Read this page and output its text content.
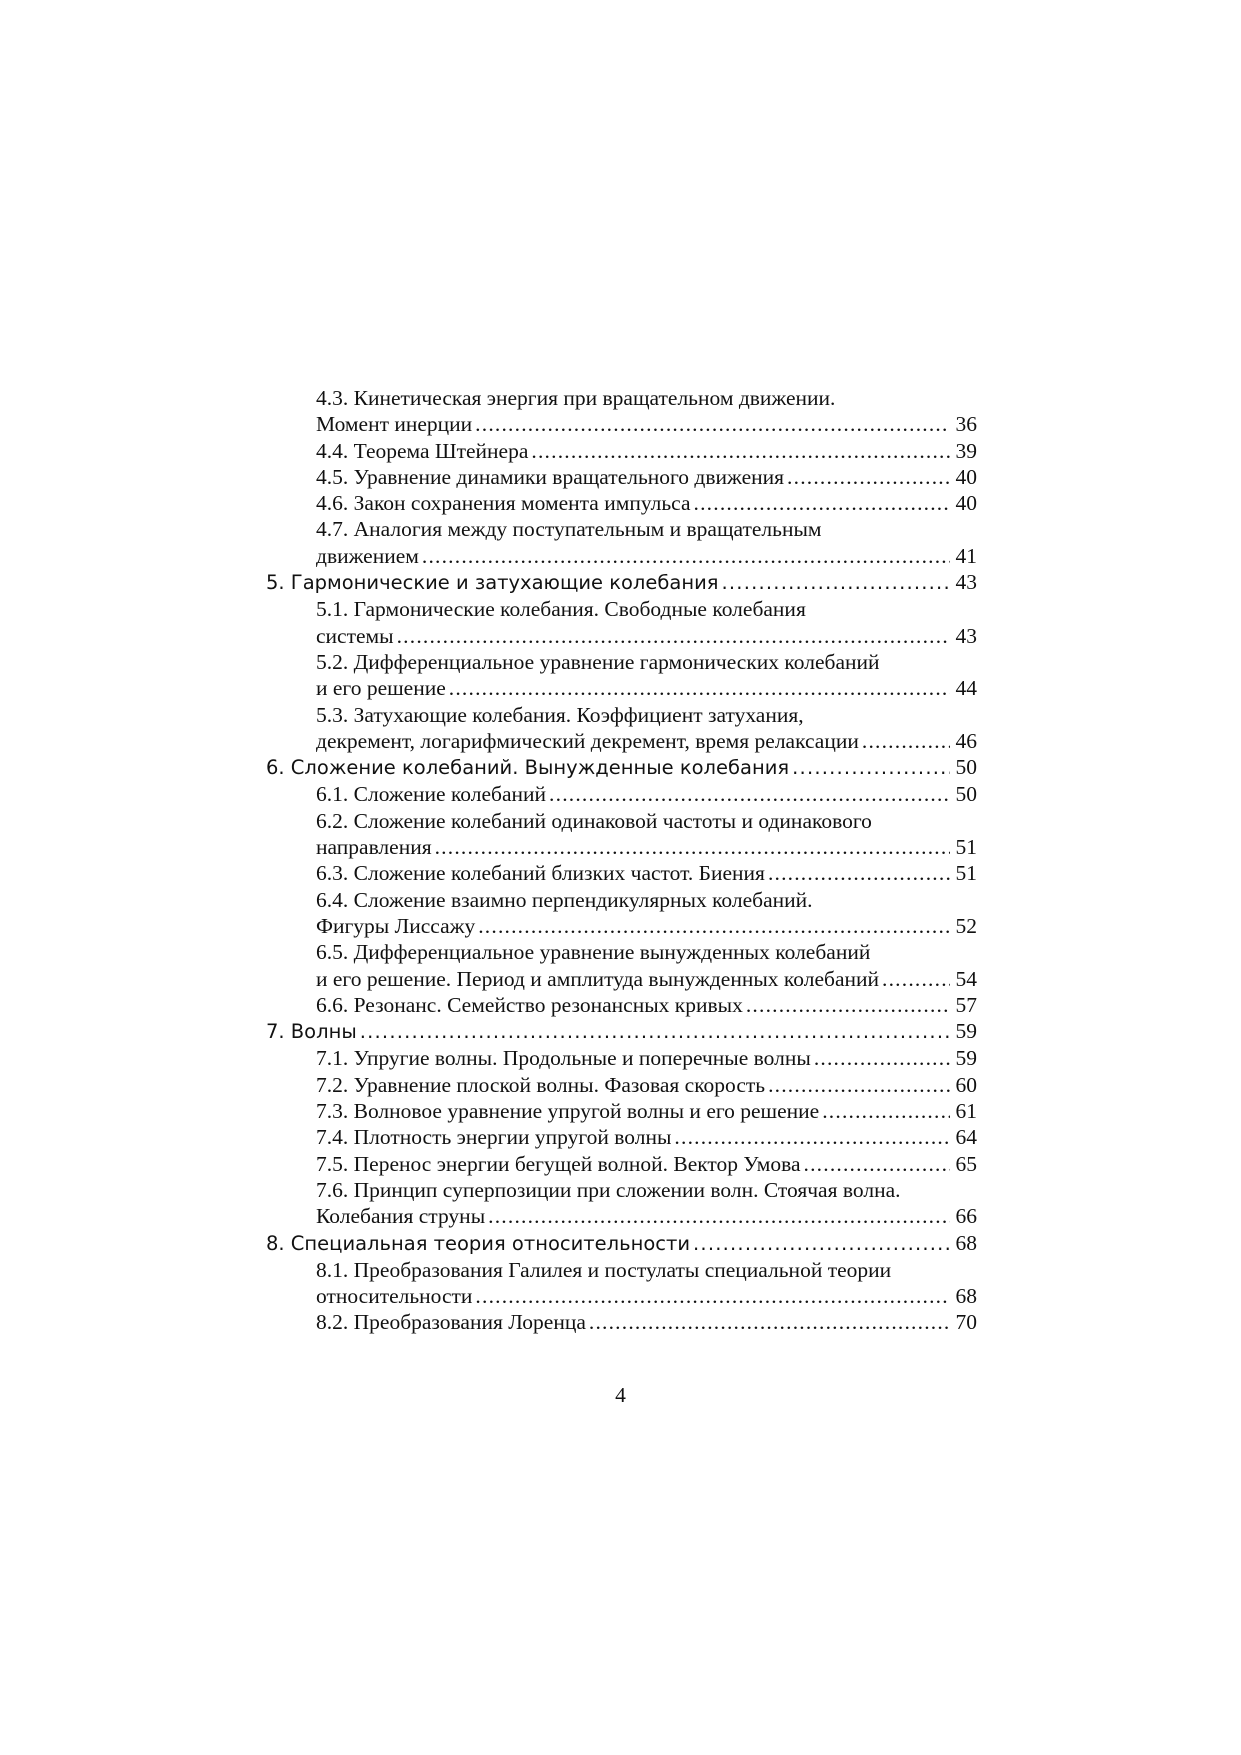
4.3. Кинетическая энергия при вращательном движении.
Момент инерции .....	36
4.4. Теорема Штейнера .....	39
4.5. Уравнение динамики вращательного движения .....	40
4.6. Закон сохранения момента импульса .....	40
4.7. Аналогия между поступательным и вращательным
движением .....	41
5. Гармонические и затухающие колебания .....	43
5.1. Гармонические колебания. Свободные колебания
системы .....	43
5.2. Дифференциальное уравнение гармонических колебаний
и его решение .....	44
5.3. Затухающие колебания. Коэффициент затухания,
декремент, логарифмический декремент, время релаксации .....	46
6. Сложение колебаний. Вынужденные колебания .....	50
6.1. Сложение колебаний .....	50
6.2. Сложение колебаний одинаковой частоты и одинакового
направления .....	51
6.3. Сложение колебаний близких частот. Биения .....	51
6.4. Сложение взаимно перпендикулярных колебаний.
Фигуры Лиссажу .....	52
6.5. Дифференциальное уравнение вынужденных колебаний
и его решение. Период и амплитуда вынужденных колебаний .....	54
6.6. Резонанс. Семейство резонансных кривых .....	57
7. Волны .....	59
7.1. Упругие волны. Продольные и поперечные волны .....	59
7.2. Уравнение плоской волны. Фазовая скорость .....	60
7.3. Волновое уравнение упругой волны и его решение .....	61
7.4. Плотность энергии упругой волны .....	64
7.5. Перенос энергии бегущей волной. Вектор Умова .....	65
7.6. Принцип суперпозиции при сложении волн. Стоячая волна.
Колебания струны .....	66
8. Специальная теория относительности .....	68
8.1. Преобразования Галилея и постулаты специальной теории
относительности .....	68
8.2. Преобразования Лоренца .....	70
4
